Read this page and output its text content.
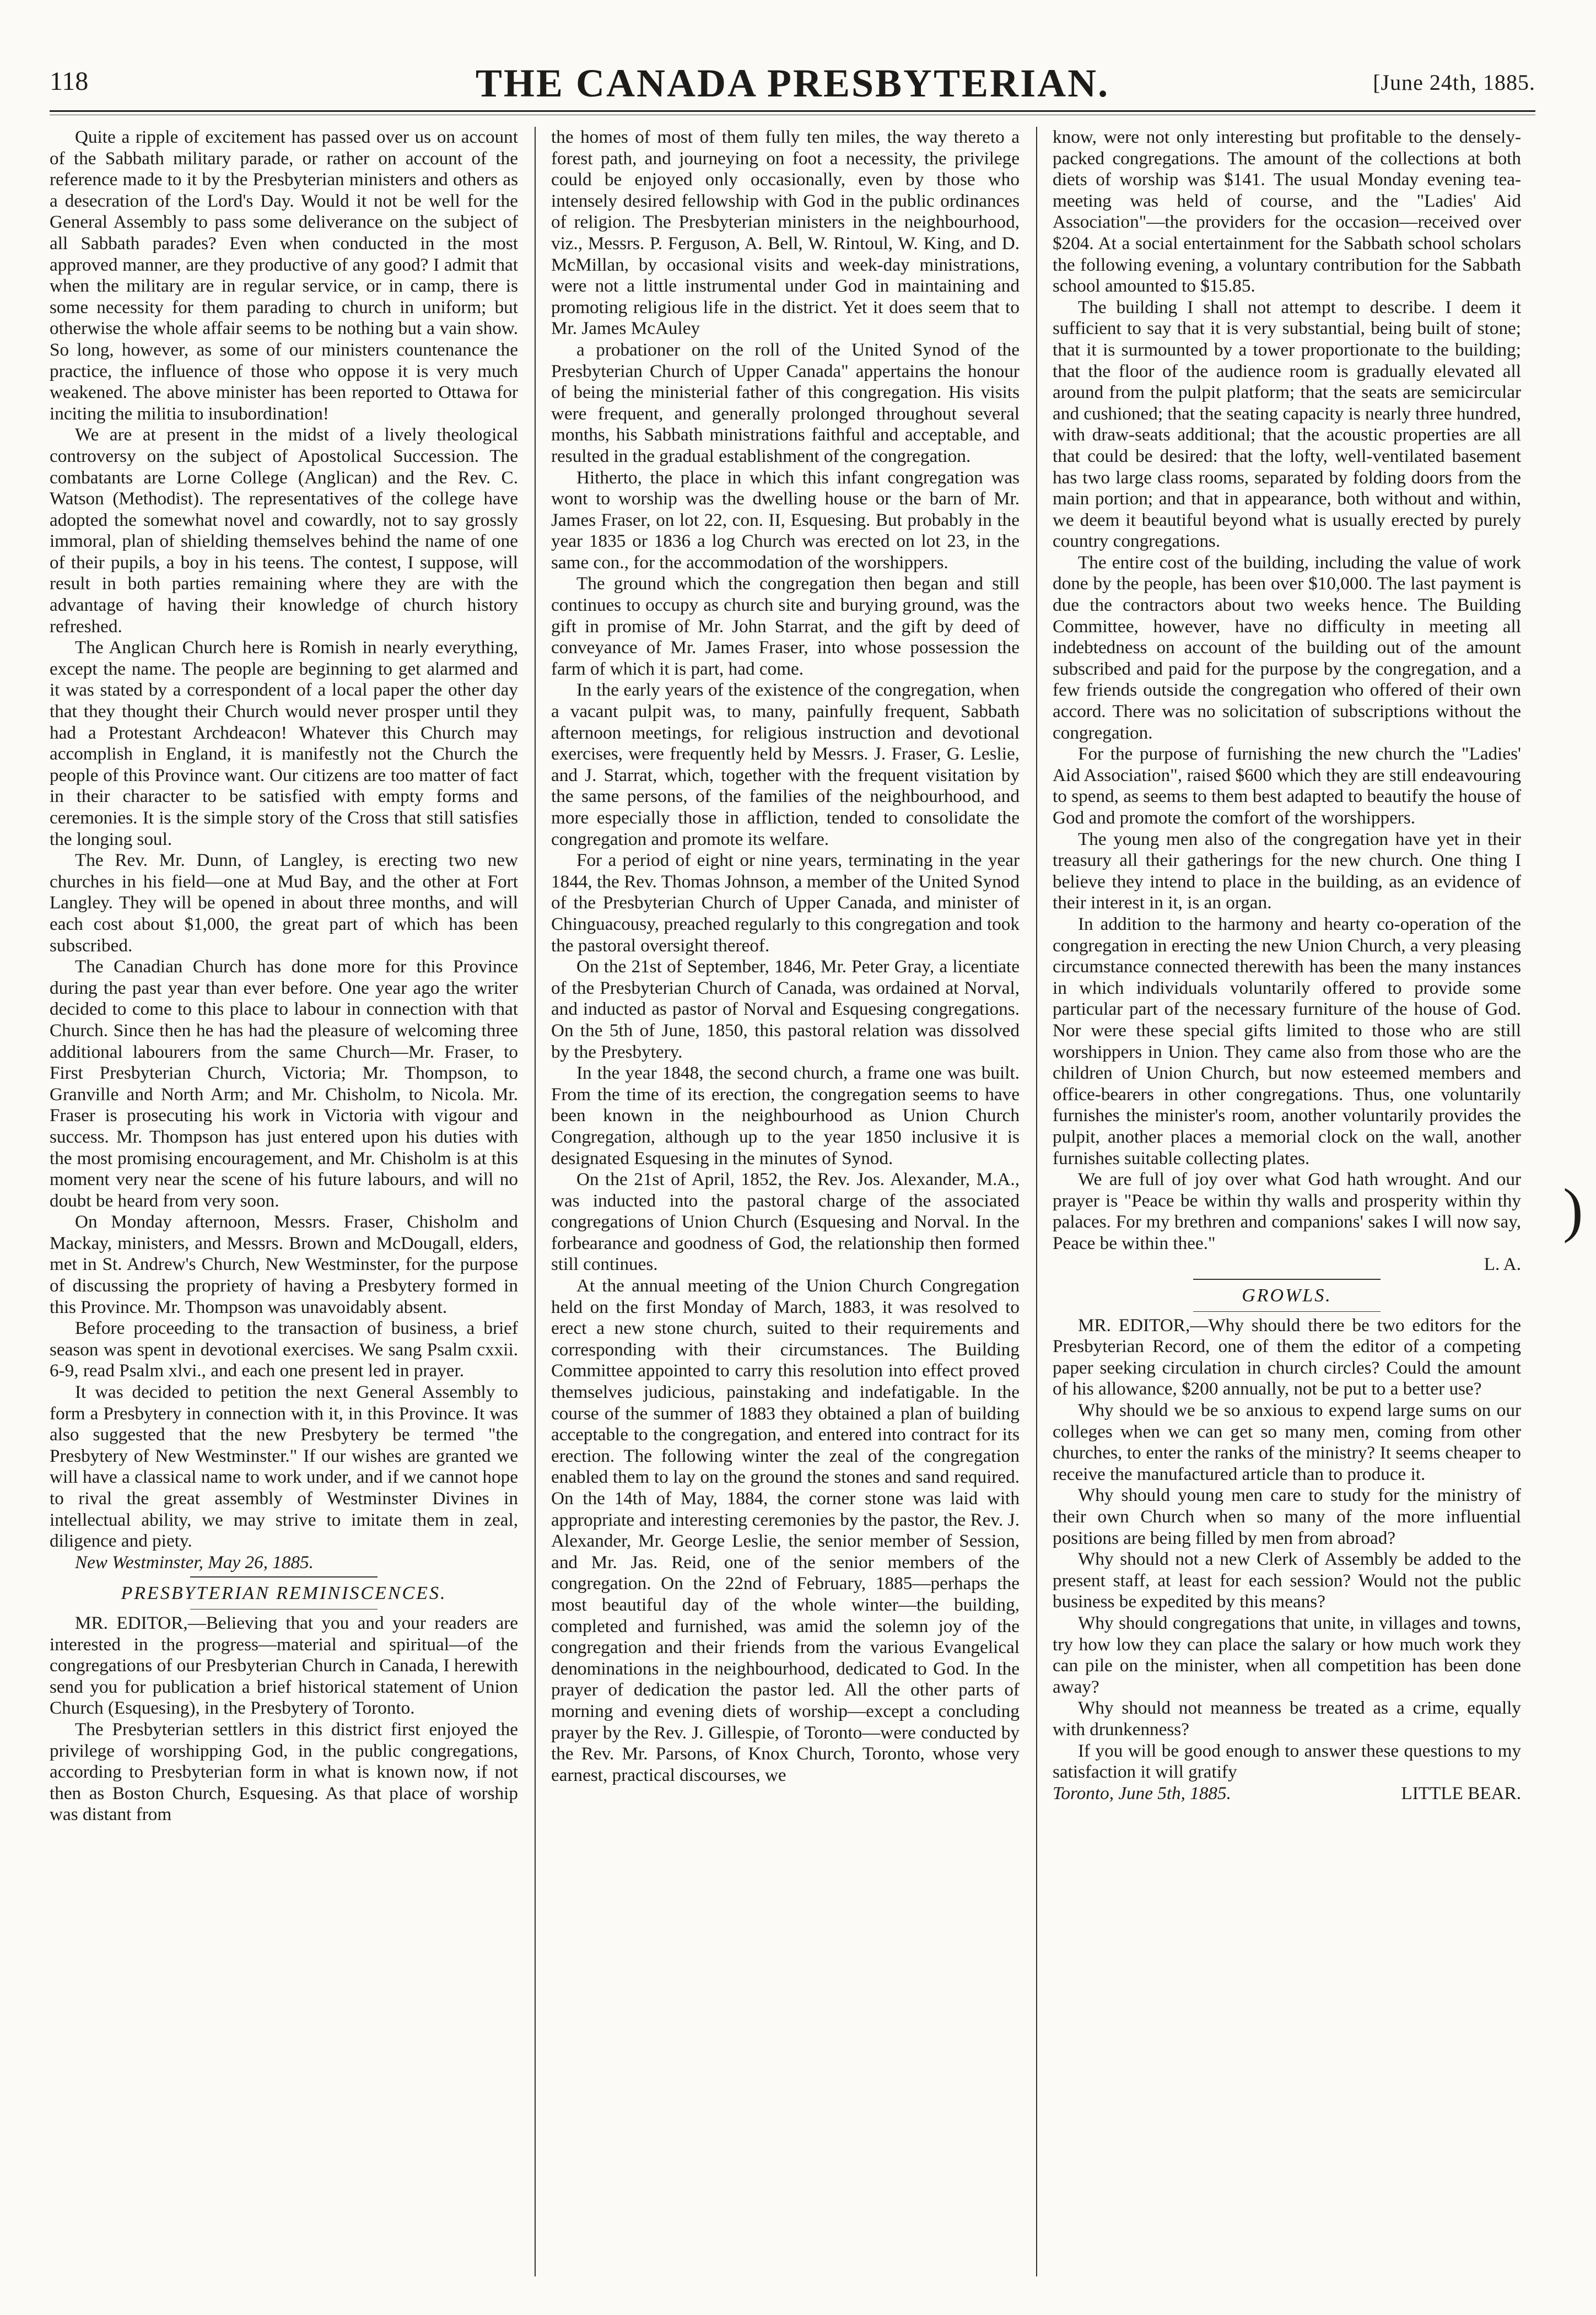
118	THE CANADA PRESBYTERIAN.	[June 24th, 1885.

Quite a ripple of excitement has passed over us on account of the Sabbath military parade, or rather on account of the reference made to it by the Presbyterian ministers and others as a desecration of the Lord's Day. Would it not be well for the General Assembly to pass some deliverance on the subject of all Sabbath parades? Even when conducted in the most approved manner, are they productive of any good? I admit that when the military are in regular service, or in camp, there is some necessity for them parading to church in uniform; but otherwise the whole affair seems to be nothing but a vain show. So long, however, as some of our ministers countenance the practice, the influence of those who oppose it is very much weakened. The above minister has been reported to Ottawa for inciting the militia to insubordination!

We are at present in the midst of a lively theological controversy on the subject of Apostolical Succession. The combatants are Lorne College (Anglican) and the Rev. C. Watson (Methodist). The representatives of the college have adopted the somewhat novel and cowardly, not to say grossly immoral, plan of shielding themselves behind the name of one of their pupils, a boy in his teens. The contest, I suppose, will result in both parties remaining where they are with the advantage of having their knowledge of church history refreshed.

The Anglican Church here is Romish in nearly everything, except the name. The people are beginning to get alarmed and it was stated by a correspondent of a local paper the other day that they thought their Church would never prosper until they had a Protestant Archdeacon! Whatever this Church may accomplish in England, it is manifestly not the Church the people of this Province want. Our citizens are too matter of fact in their character to be satisfied with empty forms and ceremonies. It is the simple story of the Cross that still satisfies the longing soul.

The Rev. Mr. Dunn, of Langley, is erecting two new churches in his field—one at Mud Bay, and the other at Fort Langley. They will be opened in about three months, and will each cost about $1,000, the great part of which has been subscribed.

The Canadian Church has done more for this Province during the past year than ever before. One year ago the writer decided to come to this place to labour in connection with that Church. Since then he has had the pleasure of welcoming three additional labourers from the same Church—Mr. Fraser, to First Presbyterian Church, Victoria; Mr. Thompson, to Granville and North Arm; and Mr. Chisholm, to Nicola. Mr. Fraser is prosecuting his work in Victoria with vigour and success. Mr. Thompson has just entered upon his duties with the most promising encouragement, and Mr. Chisholm is at this moment very near the scene of his future labours, and will no doubt be heard from very soon.

On Monday afternoon, Messrs. Fraser, Chisholm and Mackay, ministers, and Messrs. Brown and McDougall, elders, met in St. Andrew's Church, New Westminster, for the purpose of discussing the propriety of having a Presbytery formed in this Province. Mr. Thompson was unavoidably absent.

Before proceeding to the transaction of business, a brief season was spent in devotional exercises. We sang Psalm cxxii. 6-9, read Psalm xlvi., and each one present led in prayer.

It was decided to petition the next General Assembly to form a Presbytery in connection with it, in this Province. It was also suggested that the new Presbytery be termed "the Presbytery of New Westminster." If our wishes are granted we will have a classical name to work under, and if we cannot hope to rival the great assembly of Westminster Divines in intellectual ability, we may strive to imitate them in zeal, diligence and piety.

New Westminster, May 26, 1885.

PRESBYTERIAN REMINISCENCES.

MR. EDITOR,—Believing that you and your readers are interested in the progress—material and spiritual—of the congregations of our Presbyterian Church in Canada, I herewith send you for publication a brief historical statement of Union Church (Esquesing), in the Presbytery of Toronto.

The Presbyterian settlers in this district first enjoyed the privilege of worshipping God, in the public congregations, according to Presbyterian form in what is known now, if not then as Boston Church, Esquesing. As that place of worship was distant from

the homes of most of them fully ten miles, the way thereto a forest path, and journeying on foot a necessity, the privilege could be enjoyed only occasionally, even by those who intensely desired fellowship with God in the public ordinances of religion. The Presbyterian ministers in the neighbourhood, viz., Messrs. P. Ferguson, A. Bell, W. Rintoul, W. King, and D. McMillan, by occasional visits and week-day ministrations, were not a little instrumental under God in maintaining and promoting religious life in the district. Yet it does seem that to Mr. James McAuley

a probationer on the roll of the United Synod of the Presbyterian Church of Upper Canada" appertains the honour of being the ministerial father of this congregation. His visits were frequent, and generally prolonged throughout several months, his Sabbath ministrations faithful and acceptable, and resulted in the gradual establishment of the congregation.

Hitherto, the place in which this infant congregation was wont to worship was the dwelling house or the barn of Mr. James Fraser, on lot 22, con. II, Esquesing. But probably in the year 1835 or 1836 a log Church was erected on lot 23, in the same con., for the accommodation of the worshippers.

The ground which the congregation then began and still continues to occupy as church site and burying ground, was the gift in promise of Mr. John Starrat, and the gift by deed of conveyance of Mr. James Fraser, into whose possession the farm of which it is part, had come.

In the early years of the existence of the congregation, when a vacant pulpit was, to many, painfully frequent, Sabbath afternoon meetings, for religious instruction and devotional exercises, were frequently held by Messrs. J. Fraser, G. Leslie, and J. Starrat, which, together with the frequent visitation by the same persons, of the families of the neighbourhood, and more especially those in affliction, tended to consolidate the congregation and promote its welfare.

For a period of eight or nine years, terminating in the year 1844, the Rev. Thomas Johnson, a member of the United Synod of the Presbyterian Church of Upper Canada, and minister of Chinguacousy, preached regularly to this congregation and took the pastoral oversight thereof.

On the 21st of September, 1846, Mr. Peter Gray, a licentiate of the Presbyterian Church of Canada, was ordained at Norval, and inducted as pastor of Norval and Esquesing congregations. On the 5th of June, 1850, this pastoral relation was dissolved by the Presbytery.

In the year 1848, the second church, a frame one was built. From the time of its erection, the congregation seems to have been known in the neighbourhood as Union Church Congregation, although up to the year 1850 inclusive it is designated Esquesing in the minutes of Synod.

On the 21st of April, 1852, the Rev. Jos. Alexander, M.A., was inducted into the pastoral charge of the associated congregations of Union Church (Esquesing and Norval. In the forbearance and goodness of God, the relationship then formed still continues.

At the annual meeting of the Union Church Congregation held on the first Monday of March, 1883, it was resolved to erect a new stone church, suited to their requirements and corresponding with their circumstances. The Building Committee appointed to carry this resolution into effect proved themselves judicious, painstaking and indefatigable. In the course of the summer of 1883 they obtained a plan of building acceptable to the congregation, and entered into contract for its erection. The following winter the zeal of the congregation enabled them to lay on the ground the stones and sand required. On the 14th of May, 1884, the corner stone was laid with appropriate and interesting ceremonies by the pastor, the Rev. J. Alexander, Mr. George Leslie, the senior member of Session, and Mr. Jas. Reid, one of the senior members of the congregation. On the 22nd of February, 1885—perhaps the most beautiful day of the whole winter—the building, completed and furnished, was amid the solemn joy of the congregation and their friends from the various Evangelical denominations in the neighbourhood, dedicated to God. In the prayer of dedication the pastor led. All the other parts of morning and evening diets of worship—except a concluding prayer by the Rev. J. Gillespie, of Toronto—were conducted by the Rev. Mr. Parsons, of Knox Church, Toronto, whose very earnest, practical discourses, we

know, were not only interesting but profitable to the densely-packed congregations. The amount of the collections at both diets of worship was $141. The usual Monday evening tea-meeting was held of course, and the "Ladies' Aid Association"—the providers for the occasion—received over $204. At a social entertainment for the Sabbath school scholars the following evening, a voluntary contribution for the Sabbath school amounted to $15.85.

The building I shall not attempt to describe. I deem it sufficient to say that it is very substantial, being built of stone; that it is surmounted by a tower proportionate to the building; that the floor of the audience room is gradually elevated all around from the pulpit platform; that the seats are semicircular and cushioned; that the seating capacity is nearly three hundred, with draw-seats additional; that the acoustic properties are all that could be desired: that the lofty, well-ventilated basement has two large class rooms, separated by folding doors from the main portion; and that in appearance, both without and within, we deem it beautiful beyond what is usually erected by purely country congregations.

The entire cost of the building, including the value of work done by the people, has been over $10,000. The last payment is due the contractors about two weeks hence. The Building Committee, however, have no difficulty in meeting all indebtedness on account of the building out of the amount subscribed and paid for the purpose by the congregation, and a few friends outside the congregation who offered of their own accord. There was no solicitation of subscriptions without the congregation.

For the purpose of furnishing the new church the "Ladies' Aid Association", raised $600 which they are still endeavouring to spend, as seems to them best adapted to beautify the house of God and promote the comfort of the worshippers.

The young men also of the congregation have yet in their treasury all their gatherings for the new church. One thing I believe they intend to place in the building, as an evidence of their interest in it, is an organ.

In addition to the harmony and hearty co-operation of the congregation in erecting the new Union Church, a very pleasing circumstance connected therewith has been the many instances in which individuals voluntarily offered to provide some particular part of the necessary furniture of the house of God. Nor were these special gifts limited to those who are still worshippers in Union. They came also from those who are the children of Union Church, but now esteemed members and office-bearers in other congregations. Thus, one voluntarily furnishes the minister's room, another voluntarily provides the pulpit, another places a memorial clock on the wall, another furnishes suitable collecting plates.

We are full of joy over what God hath wrought. And our prayer is "Peace be within thy walls and prosperity within thy palaces. For my brethren and companions' sakes I will now say, Peace be within thee."

L. A.

GROWLS.

MR. EDITOR,—Why should there be two editors for the Presbyterian Record, one of them the editor of a competing paper seeking circulation in church circles? Could the amount of his allowance, $200 annually, not be put to a better use?

Why should we be so anxious to expend large sums on our colleges when we can get so many men, coming from other churches, to enter the ranks of the ministry? It seems cheaper to receive the manufactured article than to produce it.

Why should young men care to study for the ministry of their own Church when so many of the more influential positions are being filled by men from abroad?

Why should not a new Clerk of Assembly be added to the present staff, at least for each session? Would not the public business be expedited by this means?

Why should congregations that unite, in villages and towns, try how low they can place the salary or how much work they can pile on the minister, when all competition has been done away?

Why should not meanness be treated as a crime, equally with drunkenness?

If you will be good enough to answer these questions to my satisfaction it will gratify

Toronto, June 5th, 1885.	LITTLE BEAR.

)
